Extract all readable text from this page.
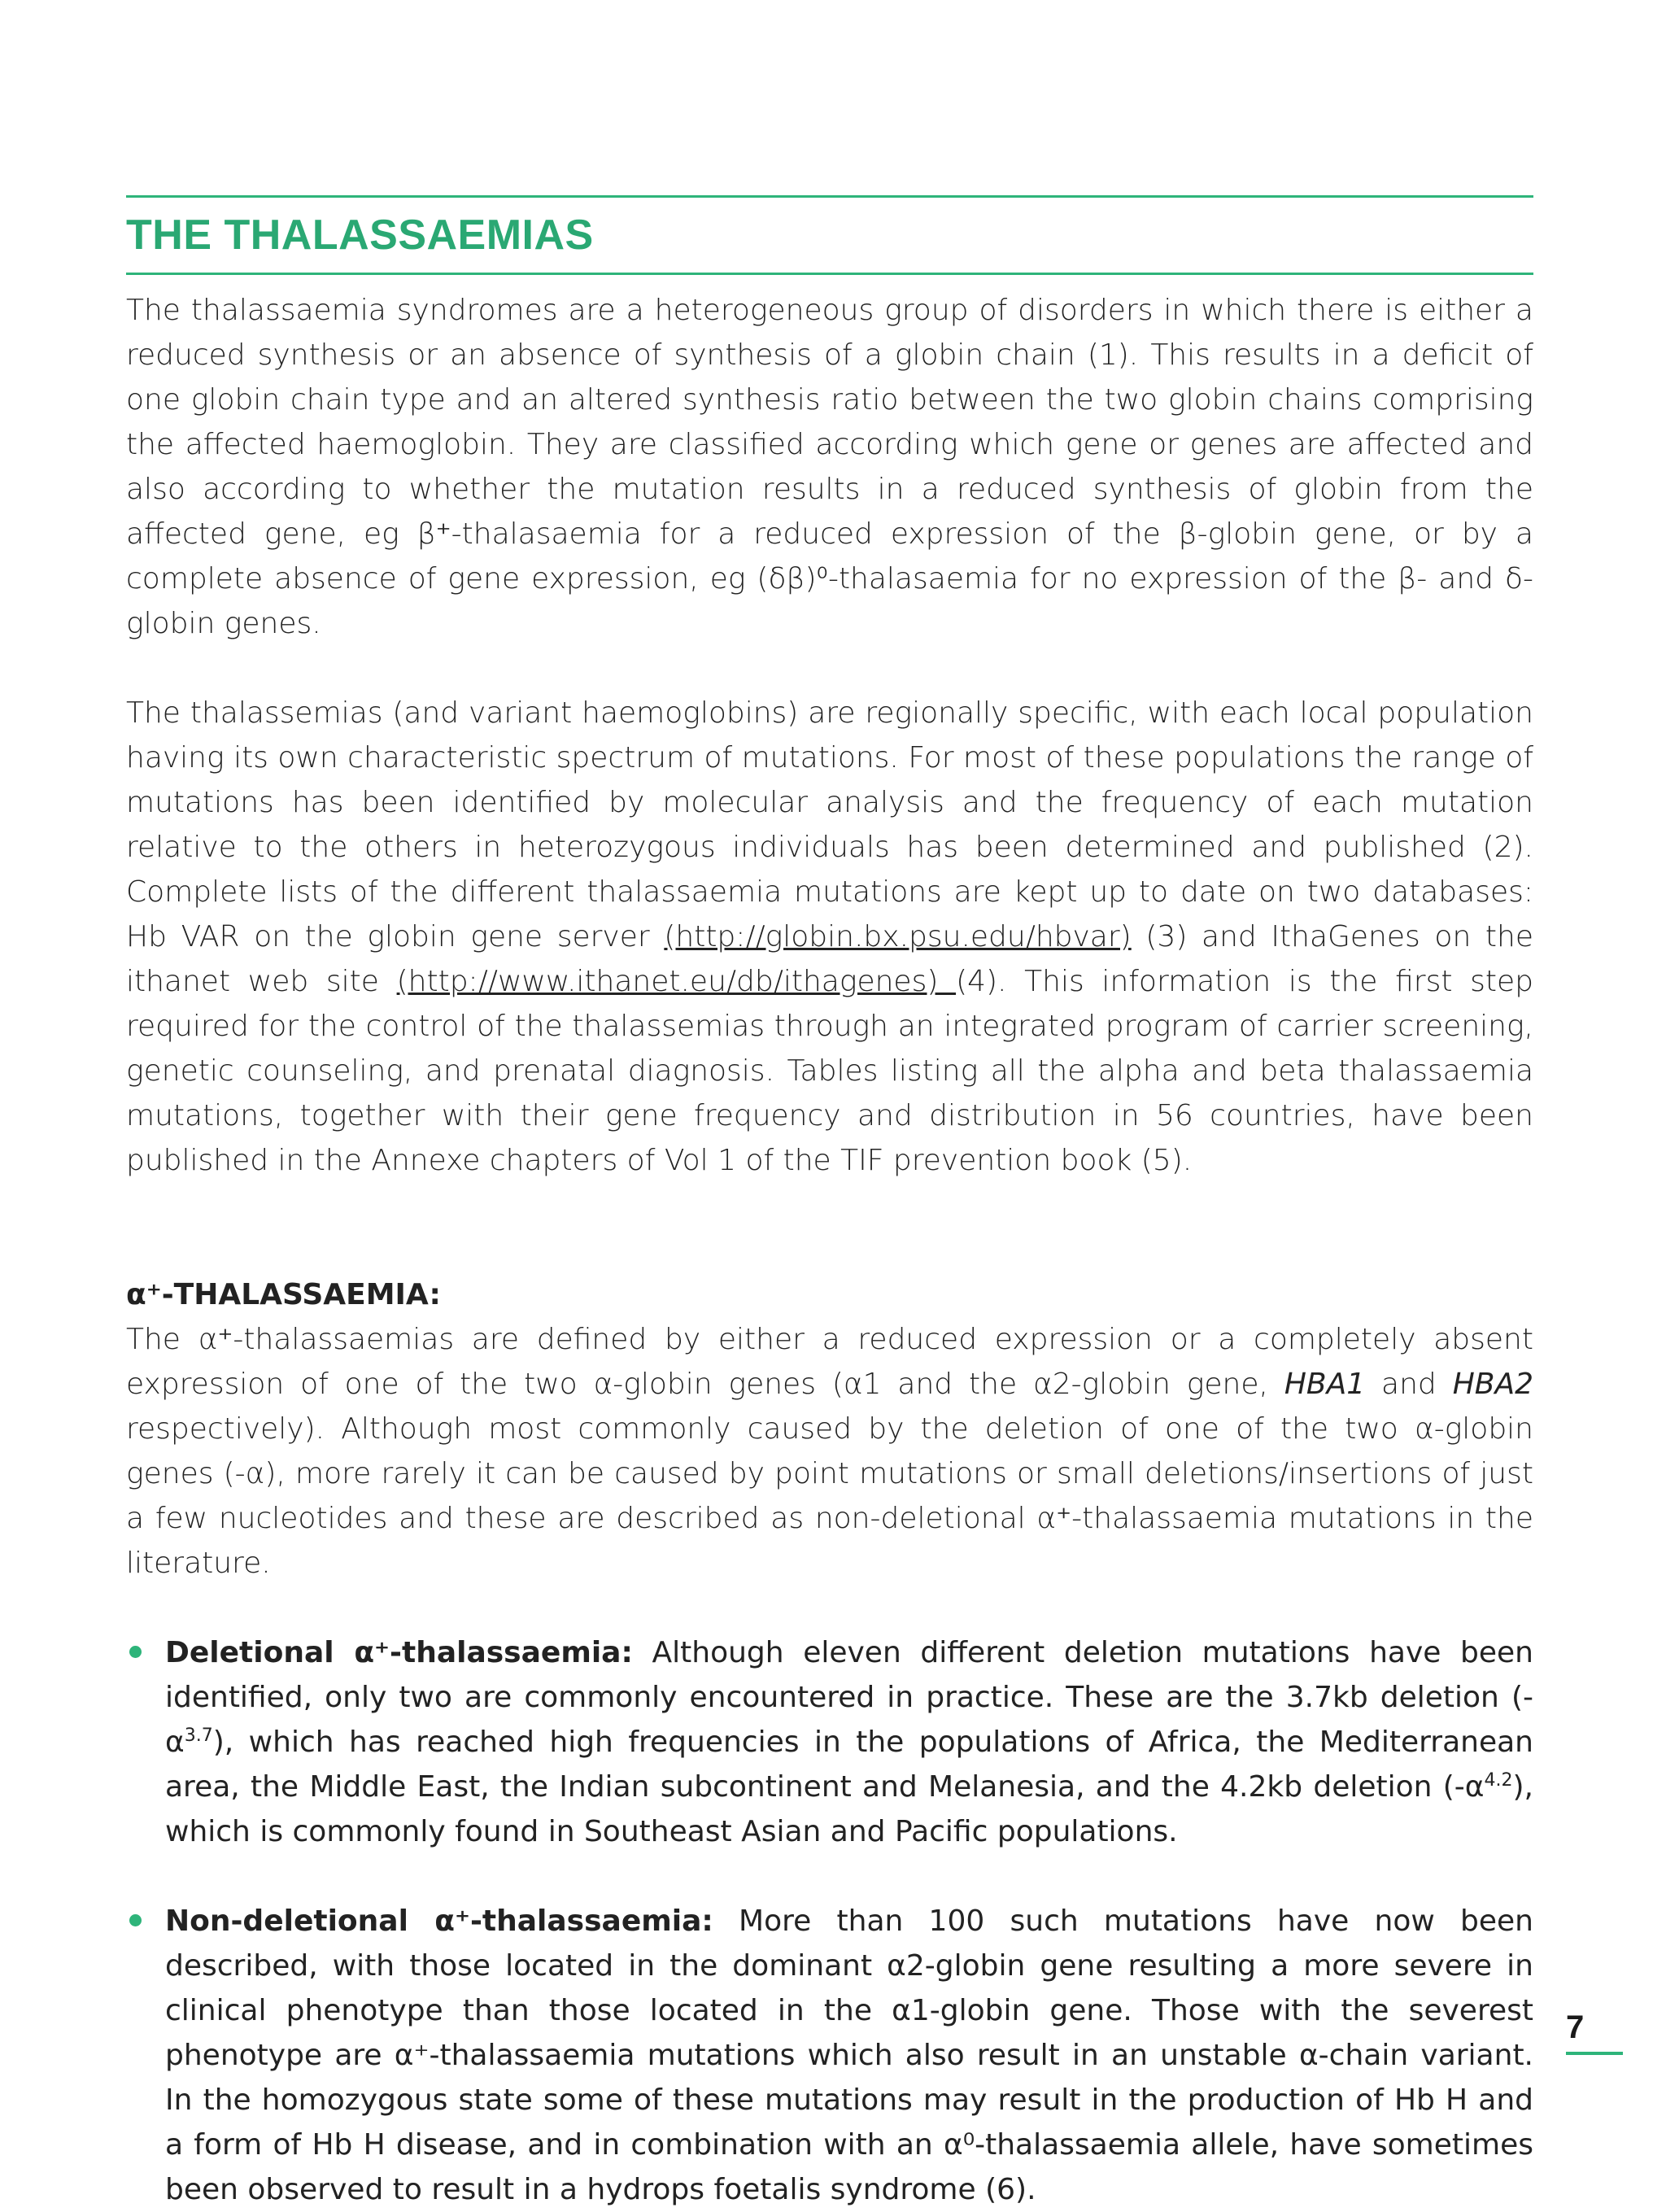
THE THALASSAEMIAS

The thalassaemia syndromes are a heterogeneous group of disorders in which there is either a reduced synthesis or an absence of synthesis of a globin chain (1). This results in a deficit of one globin chain type and an altered synthesis ratio between the two globin chains comprising the affected haemoglobin. They are classified according which gene or genes are affected and also according to whether the mutation results in a reduced synthesis of globin from the affected gene, eg β⁺-thalasaemia for a reduced expression of the β-globin gene, or by a complete absence of gene expression, eg (δβ)⁰-thalasaemia for no expression of the β- and δ-globin genes.

The thalassemias (and variant haemoglobins) are regionally specific, with each local population having its own characteristic spectrum of mutations. For most of these populations the range of mutations has been identified by molecular analysis and the frequency of each mutation relative to the others in heterozygous individuals has been determined and published (2). Complete lists of the different thalassaemia mutations are kept up to date on two databases: Hb VAR on the globin gene server (http://globin.bx.psu.edu/hbvar) (3) and IthaGenes on the ithanet web site (http://www.ithanet.eu/db/ithagenes) (4). This information is the first step required for the control of the thalassemias through an integrated program of carrier screening, genetic counseling, and prenatal diagnosis. Tables listing all the alpha and beta thalassaemia mutations, together with their gene frequency and distribution in 56 countries, have been published in the Annexe chapters of Vol 1 of the TIF prevention book (5).

α⁺-THALASSAEMIA:

The α⁺-thalassaemias are defined by either a reduced expression or a completely absent expression of one of the two α-globin genes (α1 and the α2-globin gene, HBA1 and HBA2 respectively). Although most commonly caused by the deletion of one of the two α-globin genes (-α), more rarely it can be caused by point mutations or small deletions/insertions of just a few nucleotides and these are described as non-deletional α⁺-thalassaemia mutations in the literature.

Deletional α⁺-thalassaemia: Although eleven different deletion mutations have been identified, only two are commonly encountered in practice. These are the 3.7kb deletion $(-\alpha^{3.7})$, which has reached high frequencies in the populations of Africa, the Mediterranean area, the Middle East, the Indian subcontinent and Melanesia, and the 4.2kb deletion $(-\alpha^{4.2})$, which is commonly found in Southeast Asian and Pacific populations.
Non-deletional α⁺-thalassaemia: More than 100 such mutations have now been described, with those located in the dominant α2-globin gene resulting a more severe in clinical phenotype than those located in the α1-globin gene. Those with the severest phenotype are α⁺-thalassaemia mutations which also result in an unstable α-chain variant. In the homozygous state some of these mutations may result in the production of Hb H and a form of Hb H disease, and in combination with an α⁰-thalassaemia allele, have sometimes been observed to result in a hydrops foetalis syndrome (6).
7
